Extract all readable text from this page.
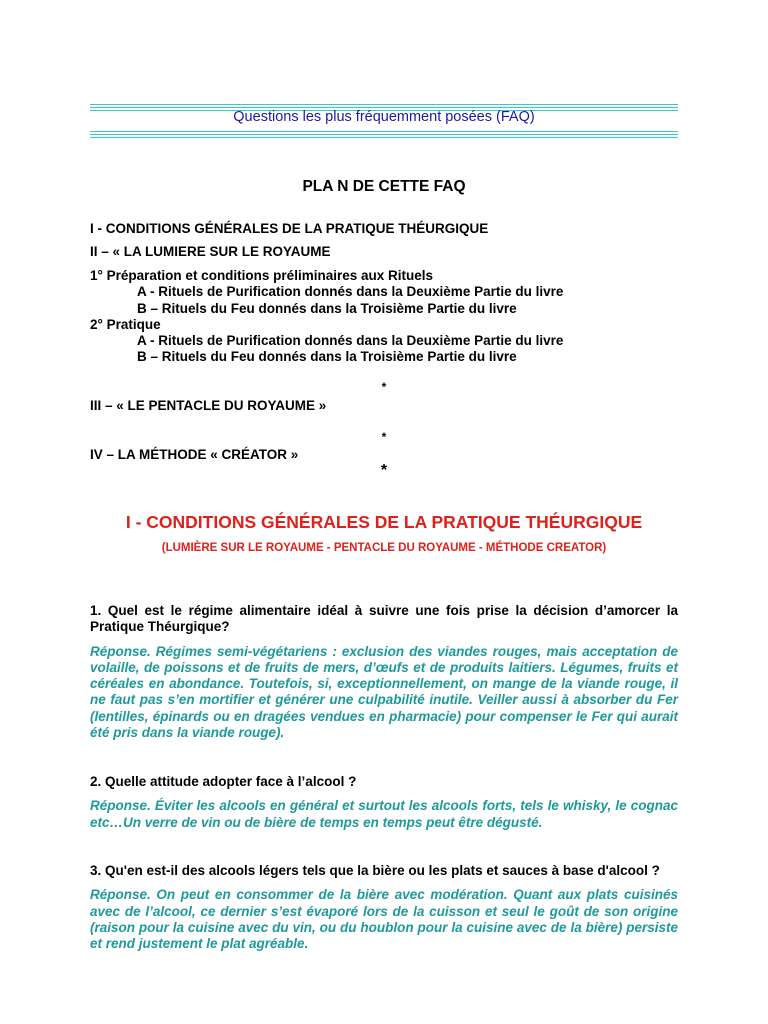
Questions les plus fréquemment posées (FAQ)
PLA N DE CETTE FAQ
I - CONDITIONS GÉNÉRALES DE LA PRATIQUE THÉURGIQUE
II – « LA LUMIERE SUR LE ROYAUME
1° Préparation et conditions préliminaires aux Rituels
A - Rituels de Purification donnés dans la Deuxième Partie du livre
B – Rituels du Feu donnés dans la Troisième Partie du livre
2° Pratique
A - Rituels de Purification donnés dans la Deuxième Partie du livre
B – Rituels du Feu donnés dans la Troisième Partie du livre
*
III – « LE PENTACLE DU ROYAUME »
*
IV – LA MÉTHODE « CRÉATOR »
*
I - CONDITIONS GÉNÉRALES DE LA PRATIQUE THÉURGIQUE
(LUMIÈRE SUR LE ROYAUME - PENTACLE DU ROYAUME - MÉTHODE CREATOR)
1. Quel est le régime alimentaire idéal à suivre une fois prise la décision d’amorcer la Pratique Théurgique?
Réponse. Régimes semi-végétariens : exclusion des viandes rouges, mais acceptation de volaille, de poissons et de fruits de mers, d’œufs et de produits laitiers. Légumes, fruits et céréales en abondance. Toutefois, si, exceptionnellement, on mange de la viande rouge, il ne faut pas s’en mortifier et générer une culpabilité inutile. Veiller aussi à absorber du Fer (lentilles, épinards ou en dragées vendues en pharmacie) pour compenser le Fer qui aurait été pris dans la viande rouge).
2. Quelle attitude adopter face à l’alcool ?
Réponse. Éviter les alcools en général et surtout les alcools forts, tels le whisky, le cognac etc…Un verre de vin ou de bière de temps en temps peut être dégusté.
3. Qu'en est-il des alcools légers tels que la bière ou les plats et sauces à base d'alcool ?
Réponse. On peut en consommer de la bière avec modération. Quant aux plats cuisinés avec de l’alcool, ce dernier s’est évaporé lors de la cuisson et seul le goût de son origine (raison pour la cuisine avec du vin, ou du houblon pour la cuisine avec de la bière) persiste et rend justement le plat agréable.
